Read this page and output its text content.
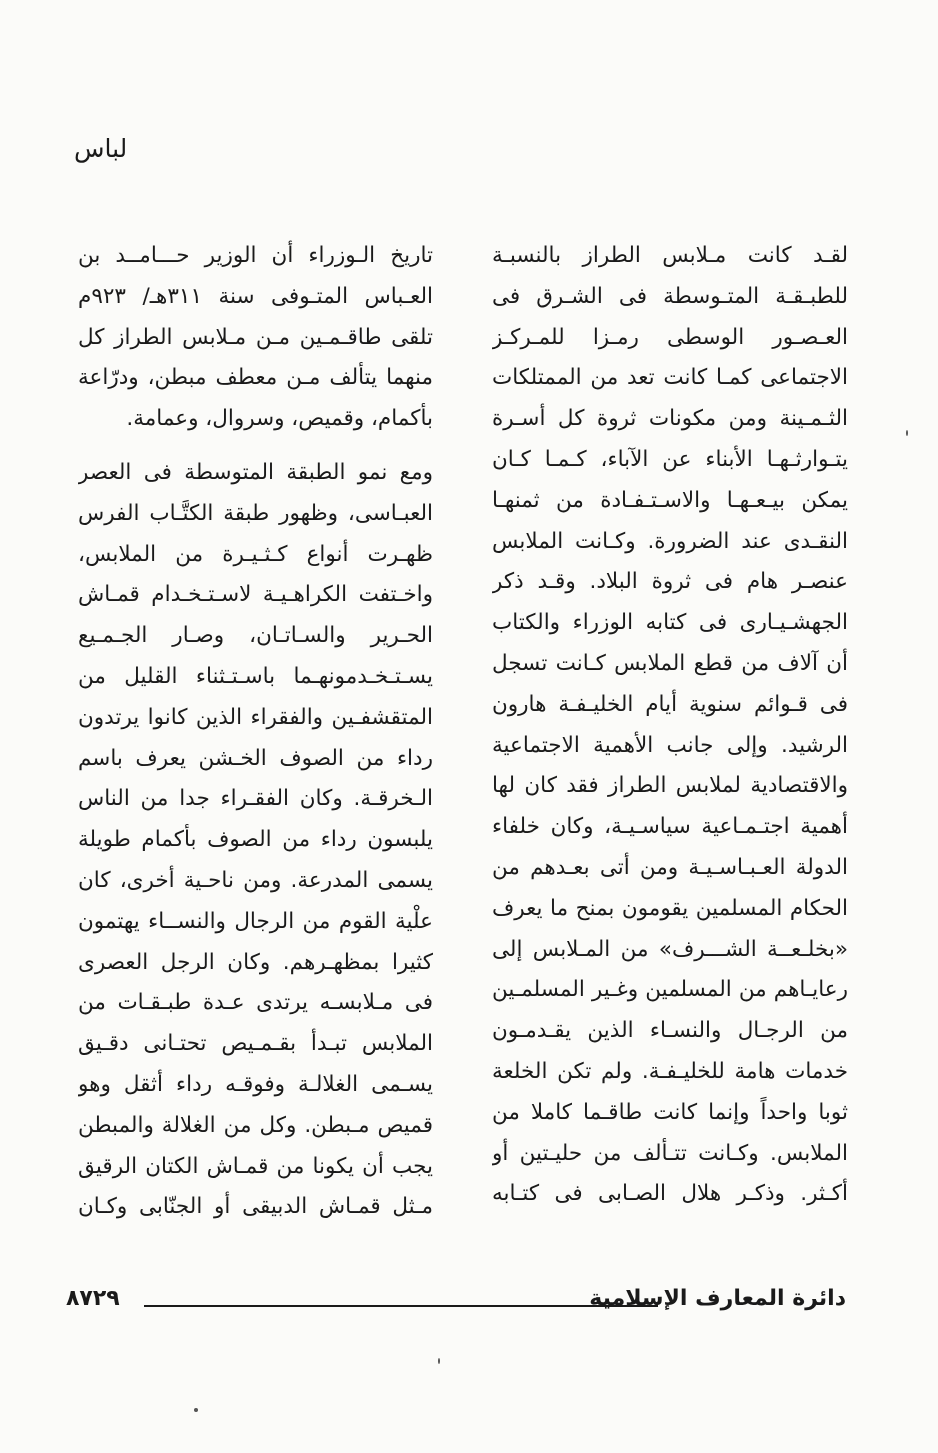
لباس
لقـد كانت مـلابس الطراز بالنسبـة
للطبـقـة المتـوسطة فى الشـرق فى
العـصـور الوسطى رمـزا للمـركـز
الاجتماعى كمـا كانت تعد من الممتلكات
الثـمـينة ومن مكونات ثروة كل أسـرة
يتـوارثـهـا الأبناء عن الآباء، كـمـا كـان
يمكن بيـعـهـا والاسـتـفـادة من ثمنهـا
النقـدى عند الضرورة. وكـانت الملابس
عنصـر هام فى ثروة البلاد. وقـد ذكر
الجهشـيـارى فى كتابه الوزراء والكتاب
أن آلاف من قطع الملابس كـانت تسجل
فى قـوائم سنوية أيام الخليـفـة هارون
الرشيد. وإلى جانب الأهمية الاجتماعية
والاقتصادية لملابس الطراز فقد كان لها
أهمية اجتـمـاعية سياسـيـة، وكان خلفاء
الدولة العـبـاسـيـة ومن أتى بعـدهم من
الحكام المسلمين يقومون بمنح ما يعرف
«بخلـعــة الشـــرف» من المـلابس إلى
رعايـاهم من المسلمين وغـير المسلمـين
من الرجـال والنسـاء الذين يقـدمـون
خدمات هامة للخليـفـة. ولم تكن الخلعة
ثوبا واحداً وإنما كانت طاقـما كاملا من
الملابس. وكـانت تتـألف من حليـتين أو
أكـثر. وذكـر هلال الصـابى فى كتـابه
تاريخ الـوزراء أن الوزير حـــامــد بن
العـباس المتـوفى سنة ٣١١هـ/ ٩٢٣م
تلقى طاقـمـين مـن مـلابس الطراز كل
منهما يتألف مـن معطف مبطن، ودرّاعة
بأكمام، وقميص، وسروال، وعمامة.
ومع نمو الطبقة المتوسطة فى العصر
العبـاسى، وظهور طبقة الكتَّـاب الفرس
ظهـرت أنواع كـثـيـرة من الملابس،
واخـتفت الكراهـيـة لاسـتـخـدام قمـاش
الحـرير والسـاتـان، وصـار الجـمـيع
يسـتـخـدمونهـما باسـتـثناء القليل من
المتقشفـين والفقراء الذين كانوا يرتدون
رداء من الصوف الخـشن يعرف باسم
الـخرقـة. وكان الفقـراء جدا من الناس
يلبسون رداء من الصوف بأكمام طويلة
يسمى المدرعة. ومن ناحـية أخرى، كان
علْية القوم من الرجال والنســاء يهتمون
كثيرا بمظهـرهم. وكان الرجل العصرى
فى مـلابسـه يرتدى عـدة طبـقـات من
الملابس تبـدأ بقـمـيص تحتـانى دقـيق
يسـمى الغلالـة وفوقـه رداء أثقل وهو
قميص مـبطن. وكل من الغلالة والمبطن
يجب أن يكونا من قمـاش الكتان الرقيق
مـثل قمـاش الدبيقى أو الجنّابى وكـان
دائرة المعارف الإسلامية
٨٧٢٩
